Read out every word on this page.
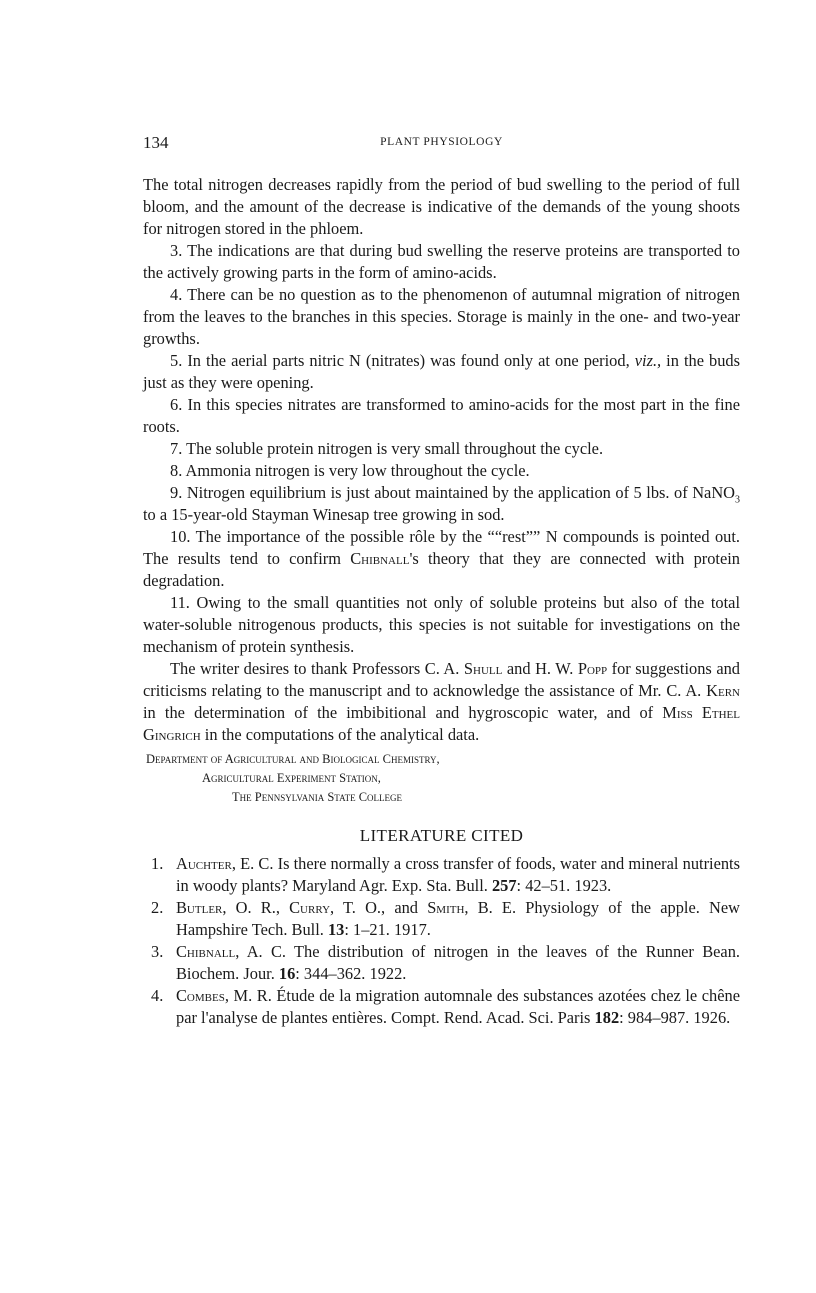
134	PLANT PHYSIOLOGY

The total nitrogen decreases rapidly from the period of bud swelling to the period of full bloom, and the amount of the decrease is indicative of the demands of the young shoots for nitrogen stored in the phloem.

3. The indications are that during bud swelling the reserve proteins are transported to the actively growing parts in the form of amino-acids.

4. There can be no question as to the phenomenon of autumnal migration of nitrogen from the leaves to the branches in this species. Storage is mainly in the one- and two-year growths.

5. In the aerial parts nitric N (nitrates) was found only at one period, viz., in the buds just as they were opening.

6. In this species nitrates are transformed to amino-acids for the most part in the fine roots.

7. The soluble protein nitrogen is very small throughout the cycle.

8. Ammonia nitrogen is very low throughout the cycle.

9. Nitrogen equilibrium is just about maintained by the application of 5 lbs. of NaNO$_3$ to a 15-year-old Stayman Winesap tree growing in sod.

10. The importance of the possible rôle by the ““rest”” N compounds is pointed out. The results tend to confirm Chibnall's theory that they are connected with protein degradation.

11. Owing to the small quantities not only of soluble proteins but also of the total water-soluble nitrogenous products, this species is not suitable for investigations on the mechanism of protein synthesis.

The writer desires to thank Professors C. A. Shull and H. W. Popp for suggestions and criticisms relating to the manuscript and to acknowledge the assistance of Mr. C. A. Kern in the determination of the imbibitional and hygroscopic water, and of Miss Ethel Gingrich in the computations of the analytical data.

Department of Agricultural and Biological Chemistry,
Agricultural Experiment Station,
The Pennsylvania State College
LITERATURE CITED
1. Auchter, E. C. Is there normally a cross transfer of foods, water and mineral nutrients in woody plants? Maryland Agr. Exp. Sta. Bull. 257: 42–51. 1923.
2. Butler, O. R., Curry, T. O., and Smith, B. E. Physiology of the apple. New Hampshire Tech. Bull. 13: 1–21. 1917.
3. Chibnall, A. C. The distribution of nitrogen in the leaves of the Runner Bean. Biochem. Jour. 16: 344–362. 1922.
4. Combes, M. R. Étude de la migration automnale des substances azotées chez le chêne par l'analyse de plantes entières. Compt. Rend. Acad. Sci. Paris 182: 984–987. 1926.
